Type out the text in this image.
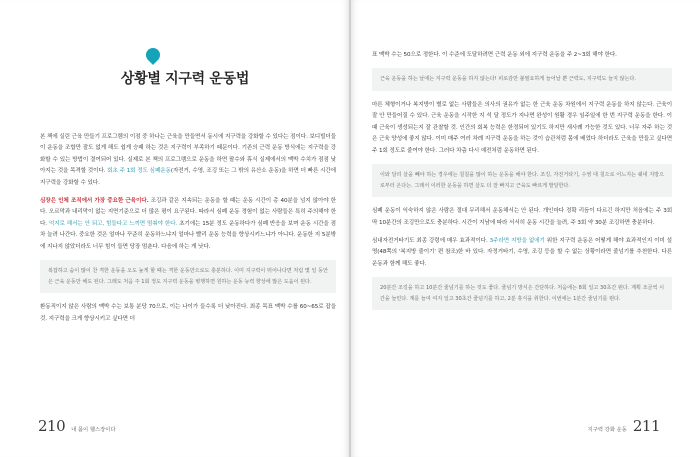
상황별 지구력 운동법

본 책에 실린 근육 만들기 프로그램의 이점 중 하나는 근육을 만들면서 동시에 지구력을 강화할 수 있다는 점이다. 보디빌더들이 운동을 조합만 잘도 없게 해도 쉽게 승패 하는 것은 지구력이 부족하기 때문이다. 기존의 근력 운동 방식에는 지구력을 강화할 수 있는 방법이 결여되어 있다. 실제로 본 책의 프로그램으로 운동을 하면 팔수와 휴식 실제에서의 맥박 수치가 점점 낮아지는 것을 목격할 것이다. 회초 주 1회 정도 심폐운동(자전거, 수영, 조깅 또는 그 밖의 유산소 운동)을 하면 더 빠른 시간에 지구력을 강화할 수 있다.

심장은 인체 조직에서 가장 중요한 근육이다. 조깅과 같은 지속되는 운동을 할 때는 운동 시간이 총 40분을 넘지 않아야 한다. 오르막과 내리막이 없는 지면기준으로 더 많은 평이 요구된다. 따라서 심폐 운동 경험이 없는 사람들은 특히 주의해야 한다. 억지로 해서는 안 되고, 힘들다고 느끼면 멈춰야 한다. 초기에는 15분 정도 운동하다가 심폐 반응을 보며 운동 시간을 점차 늘려 나간다. 중요한 것은 얼마나 꾸준히 운동하느냐지 얼마나 빨리 운동 능력을 향상시키느냐가 아니다. 운동한 지 5분밖에 지나지 않았더라도 너무 힘이 들면 당장 멈춘다. 다음에 하는 게 낫다.

복잡하고 숨이 많이 찬 격한 운동을 오도 높게 할 때는 격한 운동만으로도 충분하다. 이미 지구력이 뛰어나다면 처럼 몇 일 동안은 근육 운동만 해도 된다. 그래도 처음 주 1회 정도 지구력 운동을 병행하면 원하는 운동 능력 향상에 많은 도움이 된다.

환동직이지 않은 사람의 맥박 수는 보통 분당 70으로, 이는 나이가 들수록 더 낮아진다. 최종 목표 맥박 수를 60~65로 잡을 것. 지구력을 크게 향상시키고 싶다면 더

210 내 몸이 헬스장이다

표 맥박 수는 50으로 정한다. 이 수준에 도달하려면 근력 운동 외에 지구력 운동을 주 2~3회 해야 한다.

근육 운동을 하는 날에는 지구력 운동을 하지 않는다! 피로감만 불필요하게 늘어날 뿐 근력도, 지구력도 늘지 않는다.

마른 체형이거나 복지방이 별로 없는 사람들은 의사의 권유가 없는 한 근육 운동 차원에서 지구력 운동을 하지 않는다. 근육이 잘 안 만들어질 수 있다. 근육 운동을 시작한 지 석 달 정도가 지나면 완성이 원활 경우 임주일에 한 번 지구력 운동을 한다. 이때 근육이 생성되는지 잘 관찰할 것. 인간의 회복 능력은 한정되어 있기도 하지만 새사례 가능한 것도 있다. 너무 자주 하는 것은 근육 양성에 좋지 않다. 이미 매주 여러 차례 지구력 운동을 하는 것이 습관처럼 몸에 배었다 하더라도 근육을 만들고 싶다면 주 1회 정도로 줄여야 한다. 그러다 차츰 다시 예전처럼 운동하면 된다.

이와 달리 살을 빼야 하는 경우에는 칠칠을 많이 하는 운동을 해야 한다. 조깅, 자전거타기, 수영 대 칠으로 어느지는 쉐네 지방으로부터 온다는. 그래서 이러한 운동을 하면 살도 더 잘 빠지고 근육도 빠르게 발달한다.

심폐 운동이 익숙하지 않은 사람은 절대 무리해서 운동해서는 안 된다. 개인마다 정확 리듬이 다르긴 하지만 처음에는 주 3회 딱 10분간의 조깅만으로도 충분하다. 시간이 지남에 따라 서서히 운동 시간을 늘려, 주 3회 약 30분 조깅하면 충분하다.

심내자전거타기도 최종 강령에 매우 효과적이다. 3주라면 지방을 없애기 위한 지구력 운동은 어떻게 해야 효과적인지 이미 설명(48쪽의 '복지방 줄이기' 편 참조)한 바 있다. 자정거타기, 수영, 조깅 등을 할 수 없는 상황이라면 줄넘기를 추천한다. 다른 운동과 함께 해도 좋다.

20분간 조깅을 하고 10분간 줄넘기를 하는 것도 좋다. 줄넘기 방식은 간단하다. 처음에는 8회 일고 30초간 뛴다. 계획 조금씩 시간을 늘린다. 계를 늘여 여지 일고 30초간 줄넘기를 하고, 2분 휴식을 취한다. 이번에는 1분간 줄넘기를 뛴다.
지구력 강화 운동 211
